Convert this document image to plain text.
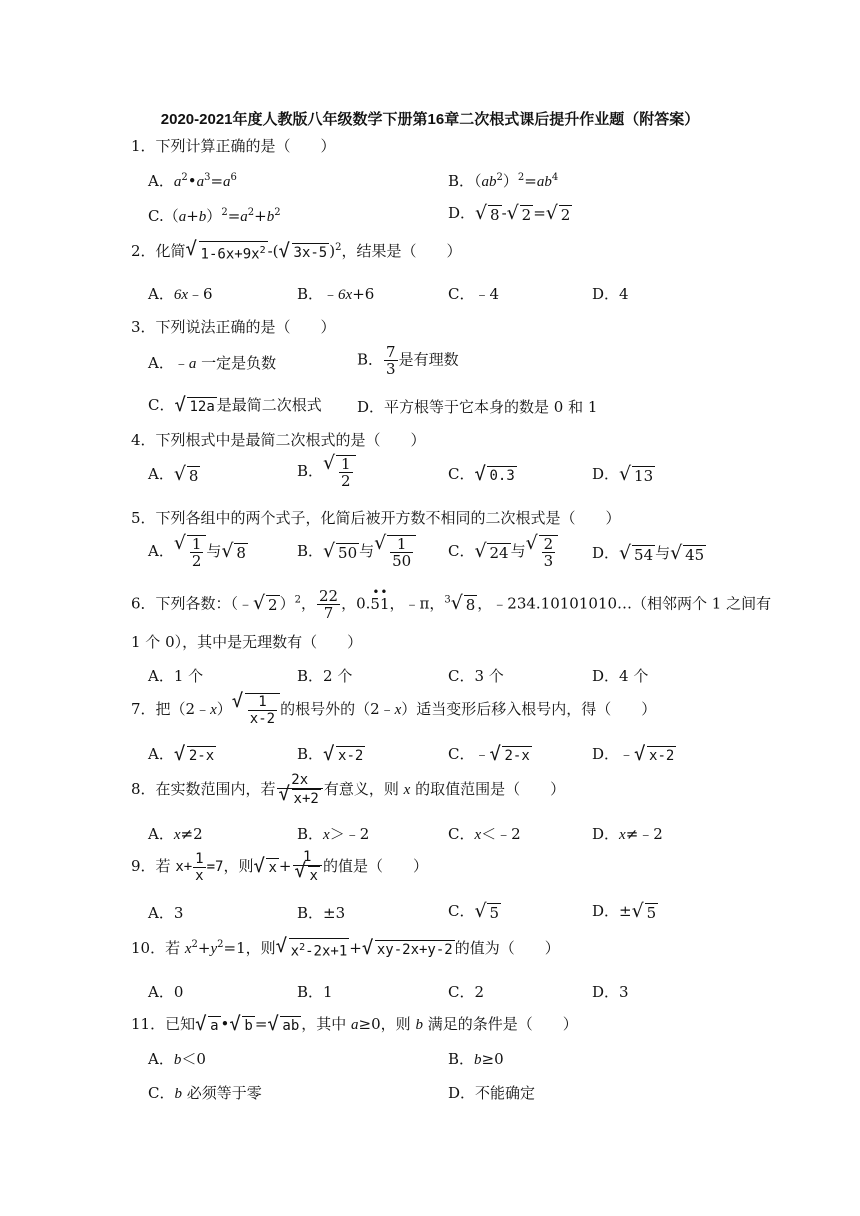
2020-2021年度人教版八年级数学下册第16章二次根式课后提升作业题（附答案）
1．下列计算正确的是（　　）
A．$a^2•a^3=a^6$	B．$(ab^2)^2=ab^4$
$C.(a+b)^2=a^2+b^2$	D． √ 8 - √ 2 = √ 2
2．化简 √ $1-6x+9x^2$ -( √ 3x-5 )$^2$，结果是（　　）
A．6x﹣6	B．﹣6x+6	C．﹣4	D．4
3．下列说法正确的是（　　）
A．﹣a 一定是负数	B． $\frac{7}{3}$ 是有理数
C． √ 12a 是最简二次根式 D．平方根等于它本身的数是 0 和 1
4．下列根式中是最简二次根式的是（　　）
A． √ 8	B． √ $\frac{1}{2}$	C． √ 0.3	D． √ 13
5．下列各组中的两个式子，化简后被开方数不相同的二次根式是（　　）
A． √ $\frac{1}{2}$ 与 √ 8	B． √ 50 与 √ $\frac{1}{50}$ C． √ 24 与 √ $\frac{2}{3}$ D． √ 54 与 √ 45
6．下列各数：（﹣ √ 2 ）$^2$， $\frac{22}{7}$ ，0.5
•
1
•
，﹣π，$^3$ √ 8 ，﹣234.10101010…（相邻两个 1 之间有
1 个 0），其中是无理数有（　　）
A．1 个	B．2 个	C．3 个	D．4 个
7．把（2﹣x） √ $\frac{1}{x-2}$ 的根号外的（2﹣x）适当变形后移入根号内，得（　　）
A． √ 2-x	B． √ x-2	C．﹣ √ 2-x	D．﹣ √ x-2
8．在实数范围内，若 2x
√ x+2 有意义，则 x 的取值范围是（　　）
A．x≠2	B．x＞﹣2	C．x＜﹣2	D．x≠﹣2
9．若 $x+ \frac{1}{x} =7$，则 √ x + 1
√ x 的值是（　　）
A．3	B．±3	C． √ 5	D．± √ 5
10．若 $x^2+y^2=1$，则 √ $x^2-2x+1$ + √ xy-2x+y-2 的值为（　　）
A．0	B．1	C．2	D．3
11．已知 √ a • √ b = √ ab ，其中 a≥0，则 b 满足的条件是（　　）
A．b＜0	B．b≥0
C．b 必须等于零	D．不能确定
